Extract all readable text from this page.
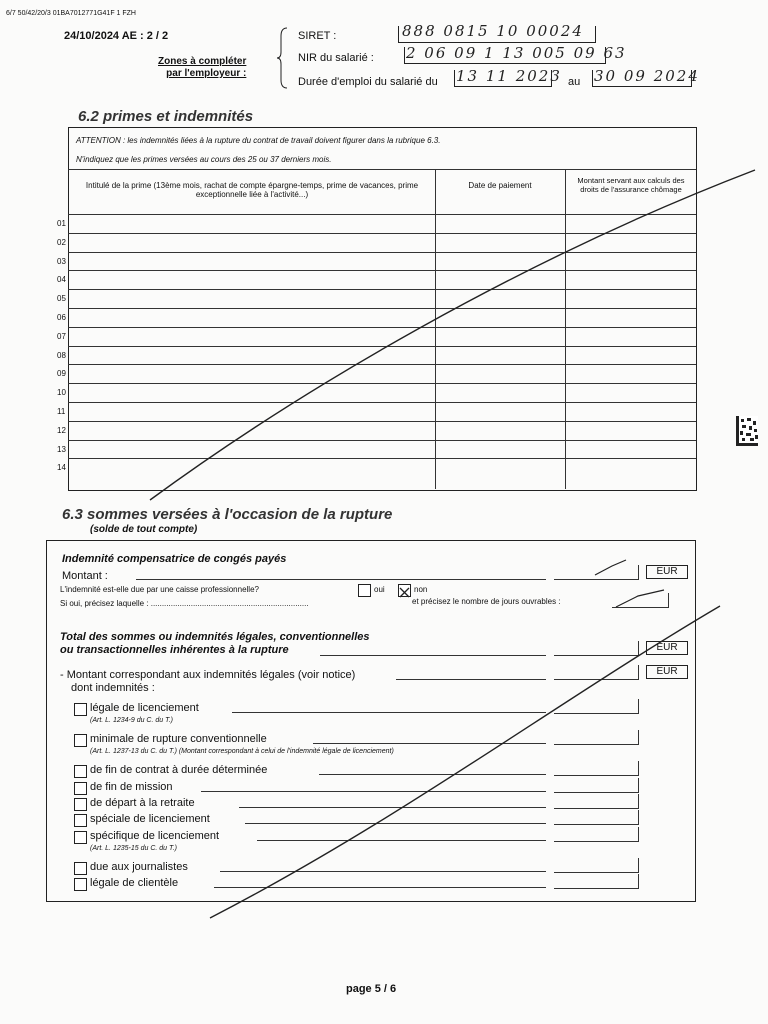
6/7 50/42/20/3 01BA7012771G41F 1 FZH
24/10/2024 AE : 2 / 2
Zones à compléter
par l'employeur :
SIRET :	888 0815 10 00024
NIR du salarié : 2 06 09 1 13 005 09 63
Durée d'emploi du salarié du 13 11 2023 au 30 09 2024
6.2 primes et indemnités
ATTENTION : les indemnités liées à la rupture du contrat de travail doivent figurer dans la rubrique 6.3.
N'indiquez que les primes versées au cours des 25 ou 37 derniers mois.
Intitulé de la prime (13ème mois, rachat de compte épargne-temps, prime de vacances, prime exceptionnelle liée à l'activité...)
Date de paiement
Montant servant aux calculs des droits de l'assurance chômage
01
02
03
04
05
06
07
08
09
10
11
12
13
14
6.3 sommes versées à l'occasion de la rupture
(solde de tout compte)
Indemnité compensatrice de congés payés
Montant :	EUR
L'indemnité est-elle due par une caisse professionnelle?	oui	non
Si oui, précisez laquelle : .......................................................................	et précisez le nombre de jours ouvrables :
Total des sommes ou indemnités légales, conventionnelles
ou transactionnelles inhérentes à la rupture	EUR
- Montant correspondant aux indemnités légales (voir notice)
dont indemnités :
EUR
légale de licenciement
(Art. L. 1234-9 du C. du T.)
minimale de rupture conventionnelle
(Art. L. 1237-13 du C. du T.) (Montant correspondant à celui de l'indemnité légale de licenciement)
de fin de contrat à durée déterminée
de fin de mission
de départ à la retraite
spéciale de licenciement
spécifique de licenciement
(Art. L. 1235-15 du C. du T.)
due aux journalistes
légale de clientèle
page 5 / 6
